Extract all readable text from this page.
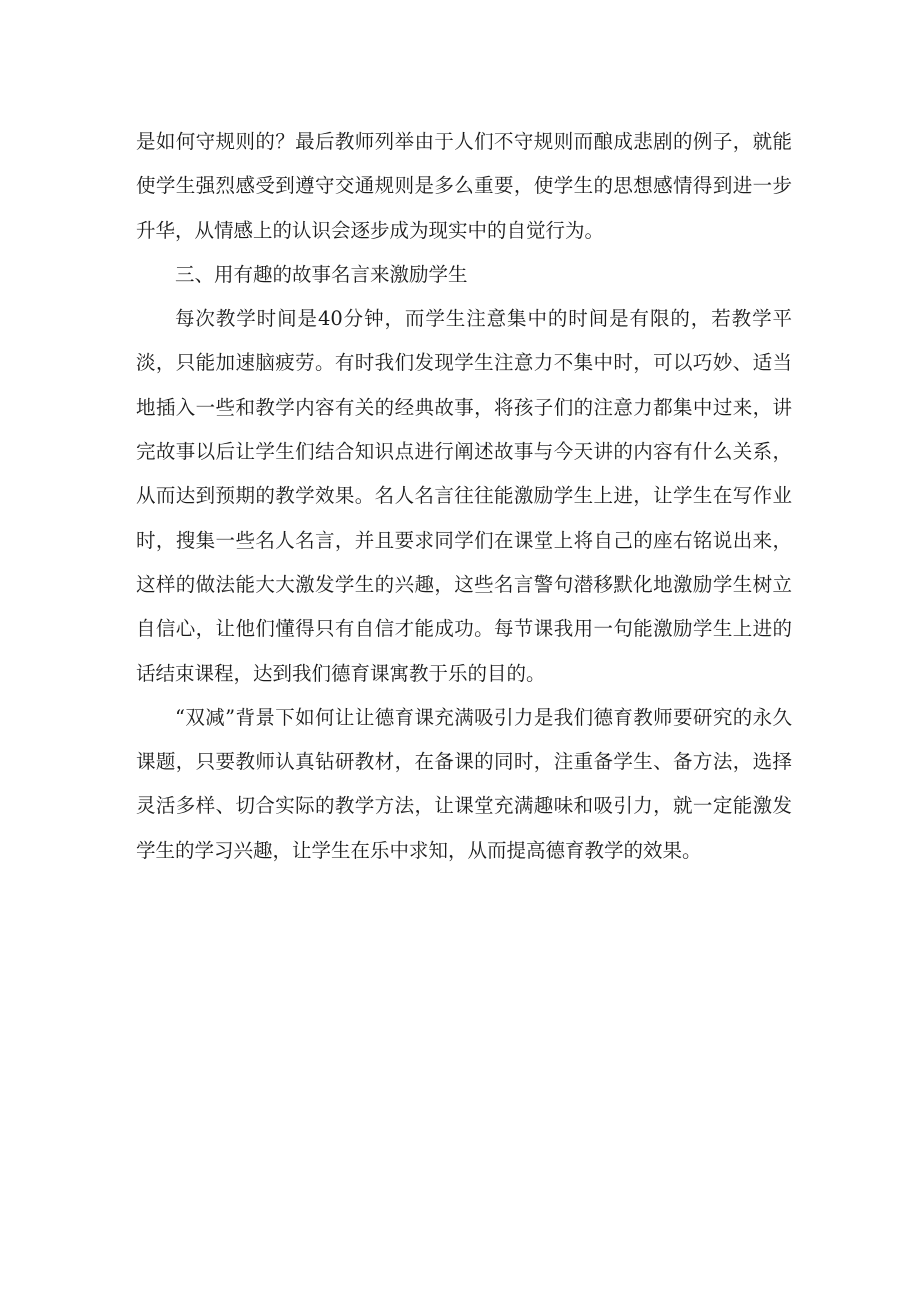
是如何守规则的？最后教师列举由于人们不守规则而酿成悲剧的例子，就能使学生强烈感受到遵守交通规则是多么重要，使学生的思想感情得到进一步升华，从情感上的认识会逐步成为现实中的自觉行为。

三、用有趣的故事名言来激励学生

每次教学时间是40分钟，而学生注意集中的时间是有限的，若教学平淡，只能加速脑疲劳。有时我们发现学生注意力不集中时，可以巧妙、适当地插入一些和教学内容有关的经典故事，将孩子们的注意力都集中过来，讲完故事以后让学生们结合知识点进行阐述故事与今天讲的内容有什么关系，从而达到预期的教学效果。名人名言往往能激励学生上进，让学生在写作业时，搜集一些名人名言，并且要求同学们在课堂上将自己的座右铭说出来，这样的做法能大大激发学生的兴趣，这些名言警句潜移默化地激励学生树立自信心，让他们懂得只有自信才能成功。每节课我用一句能激励学生上进的话结束课程，达到我们德育课寓教于乐的目的。

“双减”背景下如何让让德育课充满吸引力是我们德育教师要研究的永久课题，只要教师认真钻研教材，在备课的同时，注重备学生、备方法，选择灵活多样、切合实际的教学方法，让课堂充满趣味和吸引力，就一定能激发学生的学习兴趣，让学生在乐中求知，从而提高德育教学的效果。
